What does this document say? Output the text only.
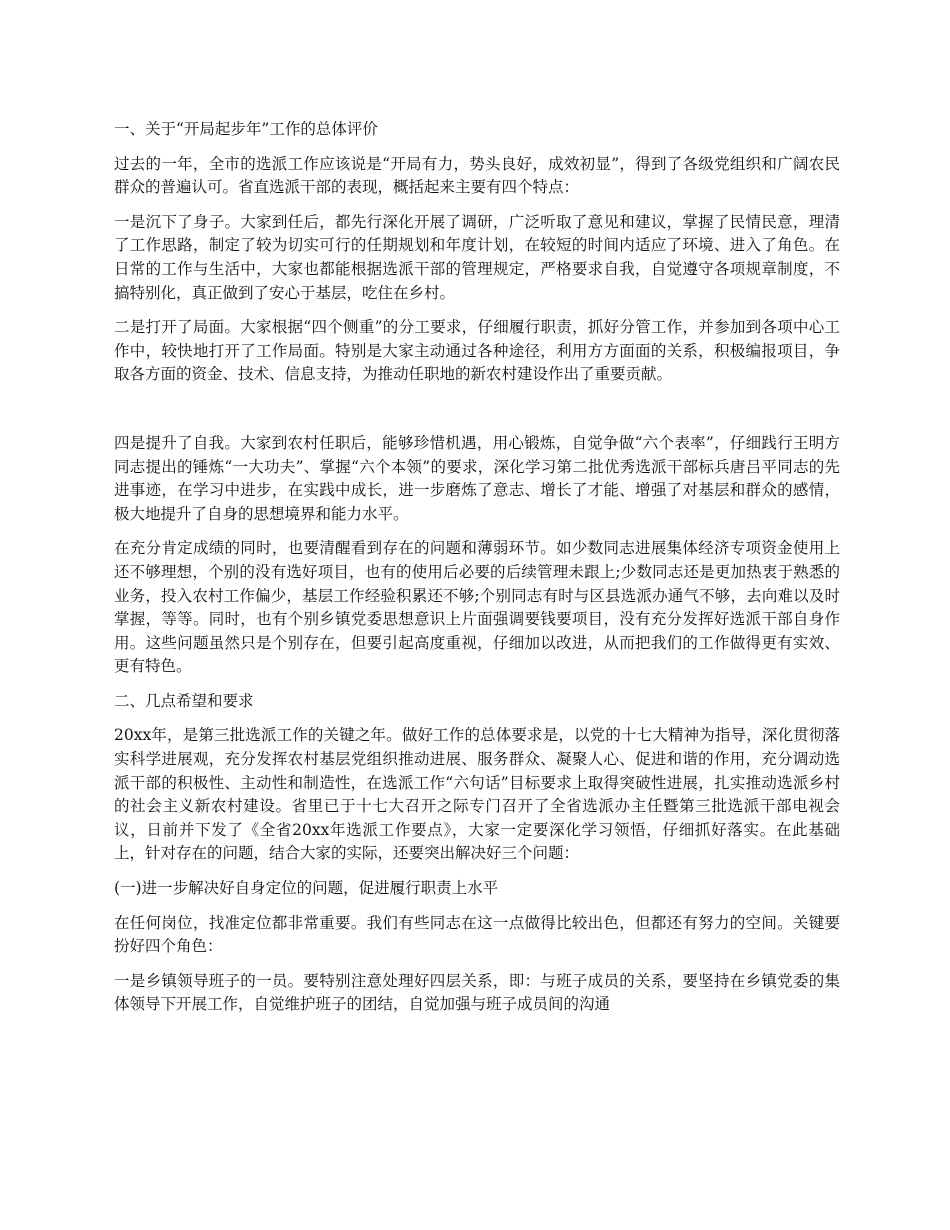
一、关于“开局起步年”工作的总体评价

过去的一年，全市的选派工作应该说是“开局有力，势头良好，成效初显”，得到了各级党组织和广阔农民群众的普遍认可。省直选派干部的表现，概括起来主要有四个特点：

一是沉下了身子。大家到任后，都先行深化开展了调研，广泛听取了意见和建议，掌握了民情民意，理清了工作思路，制定了较为切实可行的任期规划和年度计划，在较短的时间内适应了环境、进入了角色。在日常的工作与生活中，大家也都能根据选派干部的管理规定，严格要求自我，自觉遵守各项规章制度，不搞特别化，真正做到了安心于基层，吃住在乡村。

二是打开了局面。大家根据“四个侧重”的分工要求，仔细履行职责，抓好分管工作，并参加到各项中心工作中，较快地打开了工作局面。特别是大家主动通过各种途径，利用方方面面的关系，积极编报项目，争取各方面的资金、技术、信息支持，为推动任职地的新农村建设作出了重要贡献。

四是提升了自我。大家到农村任职后，能够珍惜机遇，用心锻炼，自觉争做“六个表率”，仔细践行王明方同志提出的锤炼“一大功夫”、掌握“六个本领”的要求，深化学习第二批优秀选派干部标兵唐吕平同志的先进事迹，在学习中进步，在实践中成长，进一步磨炼了意志、增长了才能、增强了对基层和群众的感情，极大地提升了自身的思想境界和能力水平。

在充分肯定成绩的同时，也要清醒看到存在的问题和薄弱环节。如少数同志进展集体经济专项资金使用上还不够理想，个别的没有选好项目，也有的使用后必要的后续管理未跟上;少数同志还是更加热衷于熟悉的业务，投入农村工作偏少，基层工作经验积累还不够;个别同志有时与区县选派办通气不够，去向难以及时掌握，等等。同时，也有个别乡镇党委思想意识上片面强调要钱要项目，没有充分发挥好选派干部自身作用。这些问题虽然只是个别存在，但要引起高度重视，仔细加以改进，从而把我们的工作做得更有实效、更有特色。

二、几点希望和要求

20xx年，是第三批选派工作的关键之年。做好工作的总体要求是，以党的十七大精神为指导，深化贯彻落实科学进展观，充分发挥农村基层党组织推动进展、服务群众、凝聚人心、促进和谐的作用，充分调动选派干部的积极性、主动性和制造性，在选派工作“六句话”目标要求上取得突破性进展，扎实推动选派乡村的社会主义新农村建设。省里已于十七大召开之际专门召开了全省选派办主任暨第三批选派干部电视会议，日前并下发了《全省20xx年选派工作要点》，大家一定要深化学习领悟，仔细抓好落实。在此基础上，针对存在的问题，结合大家的实际，还要突出解决好三个问题：

(一)进一步解决好自身定位的问题，促进履行职责上水平

在任何岗位，找准定位都非常重要。我们有些同志在这一点做得比较出色，但都还有努力的空间。关键要扮好四个角色：

一是乡镇领导班子的一员。要特别注意处理好四层关系，即：与班子成员的关系，要坚持在乡镇党委的集体领导下开展工作，自觉维护班子的团结，自觉加强与班子成员间的沟通
